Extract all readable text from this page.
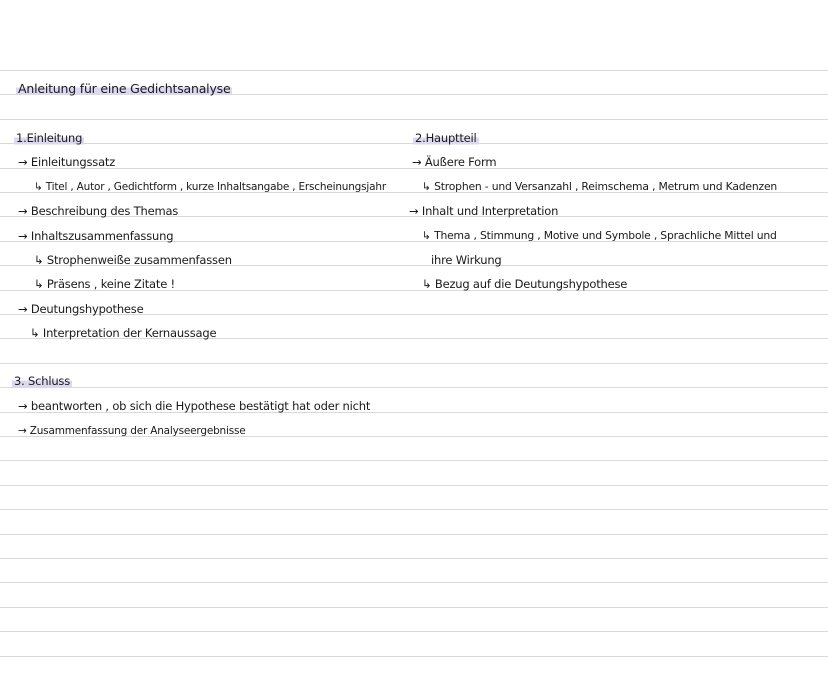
Anleitung für eine Gedichtsanalyse
1.Einleitung
→ Einleitungssatz
↳ Titel , Autor , Gedichtform , kurze Inhaltsangabe , Erscheinungsjahr
→ Beschreibung des Themas
→ Inhaltszusammenfassung
↳ Strophenweiße zusammenfassen
↳ Präsens , keine Zitate !
→ Deutungshypothese
↳ Interpretation der Kernaussage
2.Hauptteil
→ Äußere Form
↳ Strophen - und Versanzahl , Reimschema , Metrum und Kadenzen
→ Inhalt und Interpretation
↳ Thema , Stimmung , Motive und Symbole , Sprachliche Mittel und
ihre Wirkung
↳ Bezug auf die Deutungshypothese
3. Schluss
→ beantworten , ob sich die Hypothese bestätigt hat oder nicht
→ Zusammenfassung der Analyseergebnisse
